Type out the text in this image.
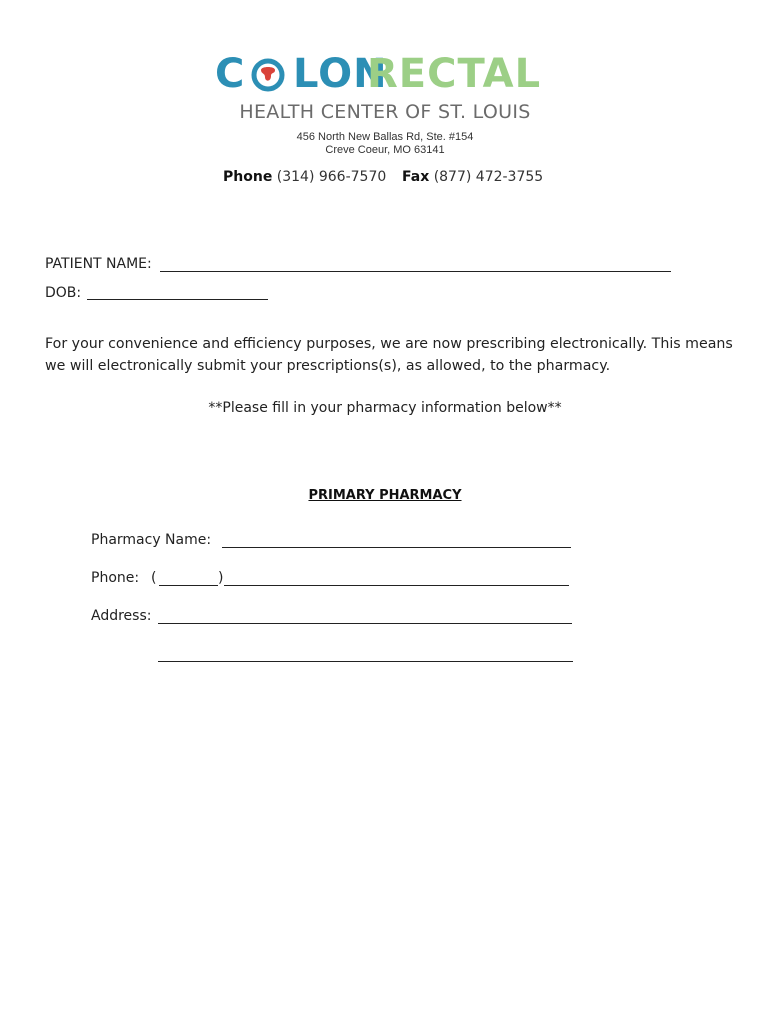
C LON
RECTAL
HEALTH CENTER OF ST. LOUIS
456 North New Ballas Rd, Ste. #154
Creve Coeur, MO 63141
Phone (314) 966-7570 Fax (877) 472-3755
PATIENT NAME:
DOB:
For your convenience and efficiency purposes, we are now prescribing electronically. This means we will electronically submit your prescriptions(s), as allowed, to the pharmacy.
**Please fill in your pharmacy information below**
PRIMARY PHARMACY
Pharmacy Name:
Phone: (	)
Address:
